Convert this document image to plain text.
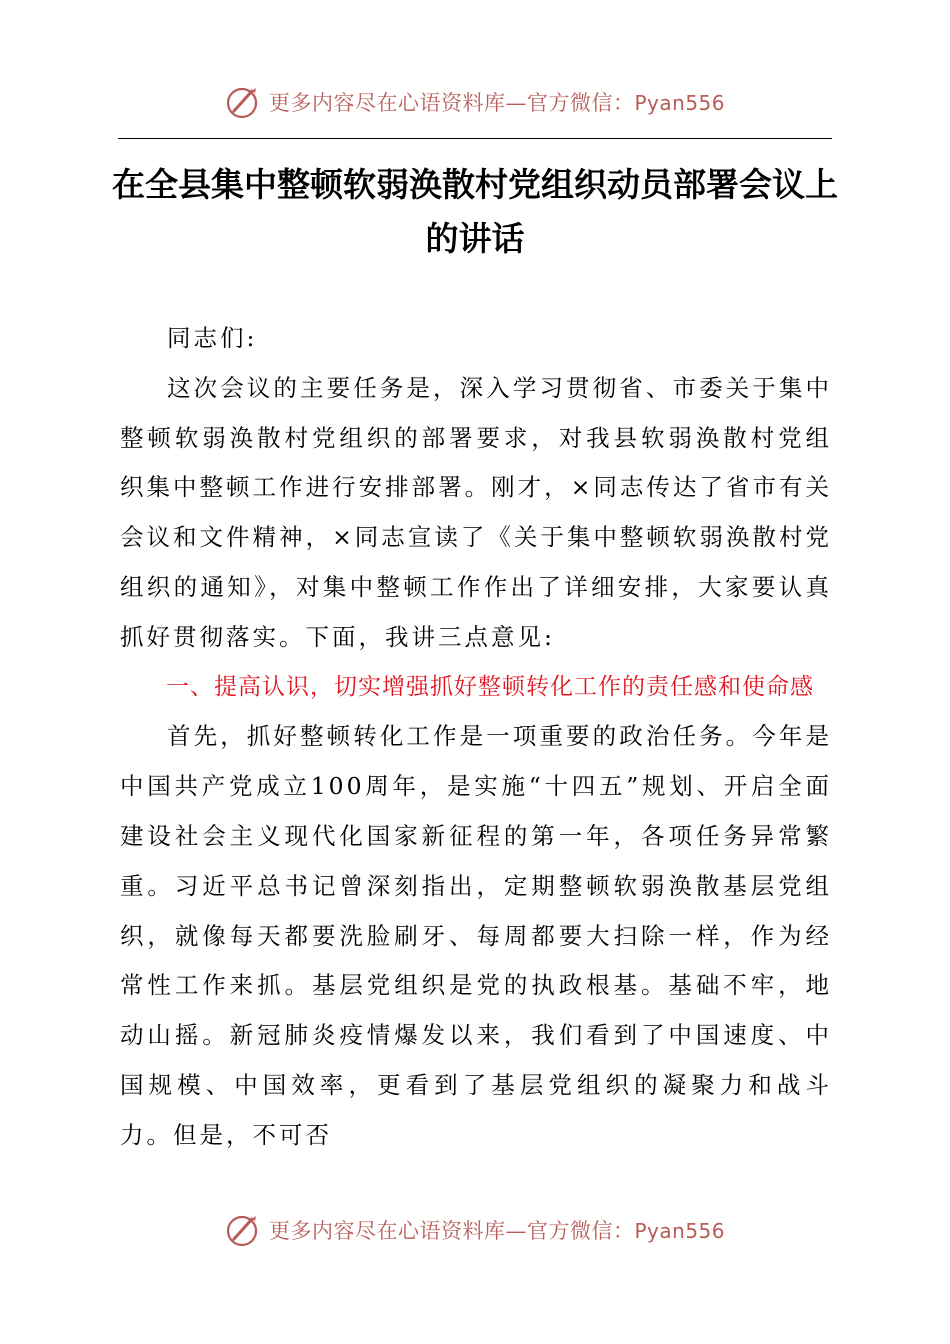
更多内容尽在心语资料库—官方微信：Pyan556
在全县集中整顿软弱涣散村党组织动员部署会议上的讲话

同志们:

这次会议的主要任务是，深入学习贯彻省、市委关于集中整顿软弱涣散村党组织的部署要求，对我县软弱涣散村党组织集中整顿工作进行安排部署。刚才，×同志传达了省市有关会议和文件精神，×同志宣读了《关于集中整顿软弱涣散村党组织的通知》，对集中整顿工作作出了详细安排，大家要认真抓好贯彻落实。下面，我讲三点意见:

一、提高认识，切实增强抓好整顿转化工作的责任感和使命感

首先，抓好整顿转化工作是一项重要的政治任务。今年是中国共产党成立100周年，是实施“十四五”规划、开启全面建设社会主义现代化国家新征程的第一年，各项任务异常繁重。习近平总书记曾深刻指出，定期整顿软弱涣散基层党组织，就像每天都要洗脸刷牙、每周都要大扫除一样，作为经常性工作来抓。基层党组织是党的执政根基。基础不牢，地动山摇。新冠肺炎疫情爆发以来，我们看到了中国速度、中国规模、中国效率，更看到了基层党组织的凝聚力和战斗力。但是，不可否

更多内容尽在心语资料库—官方微信：Pyan556
